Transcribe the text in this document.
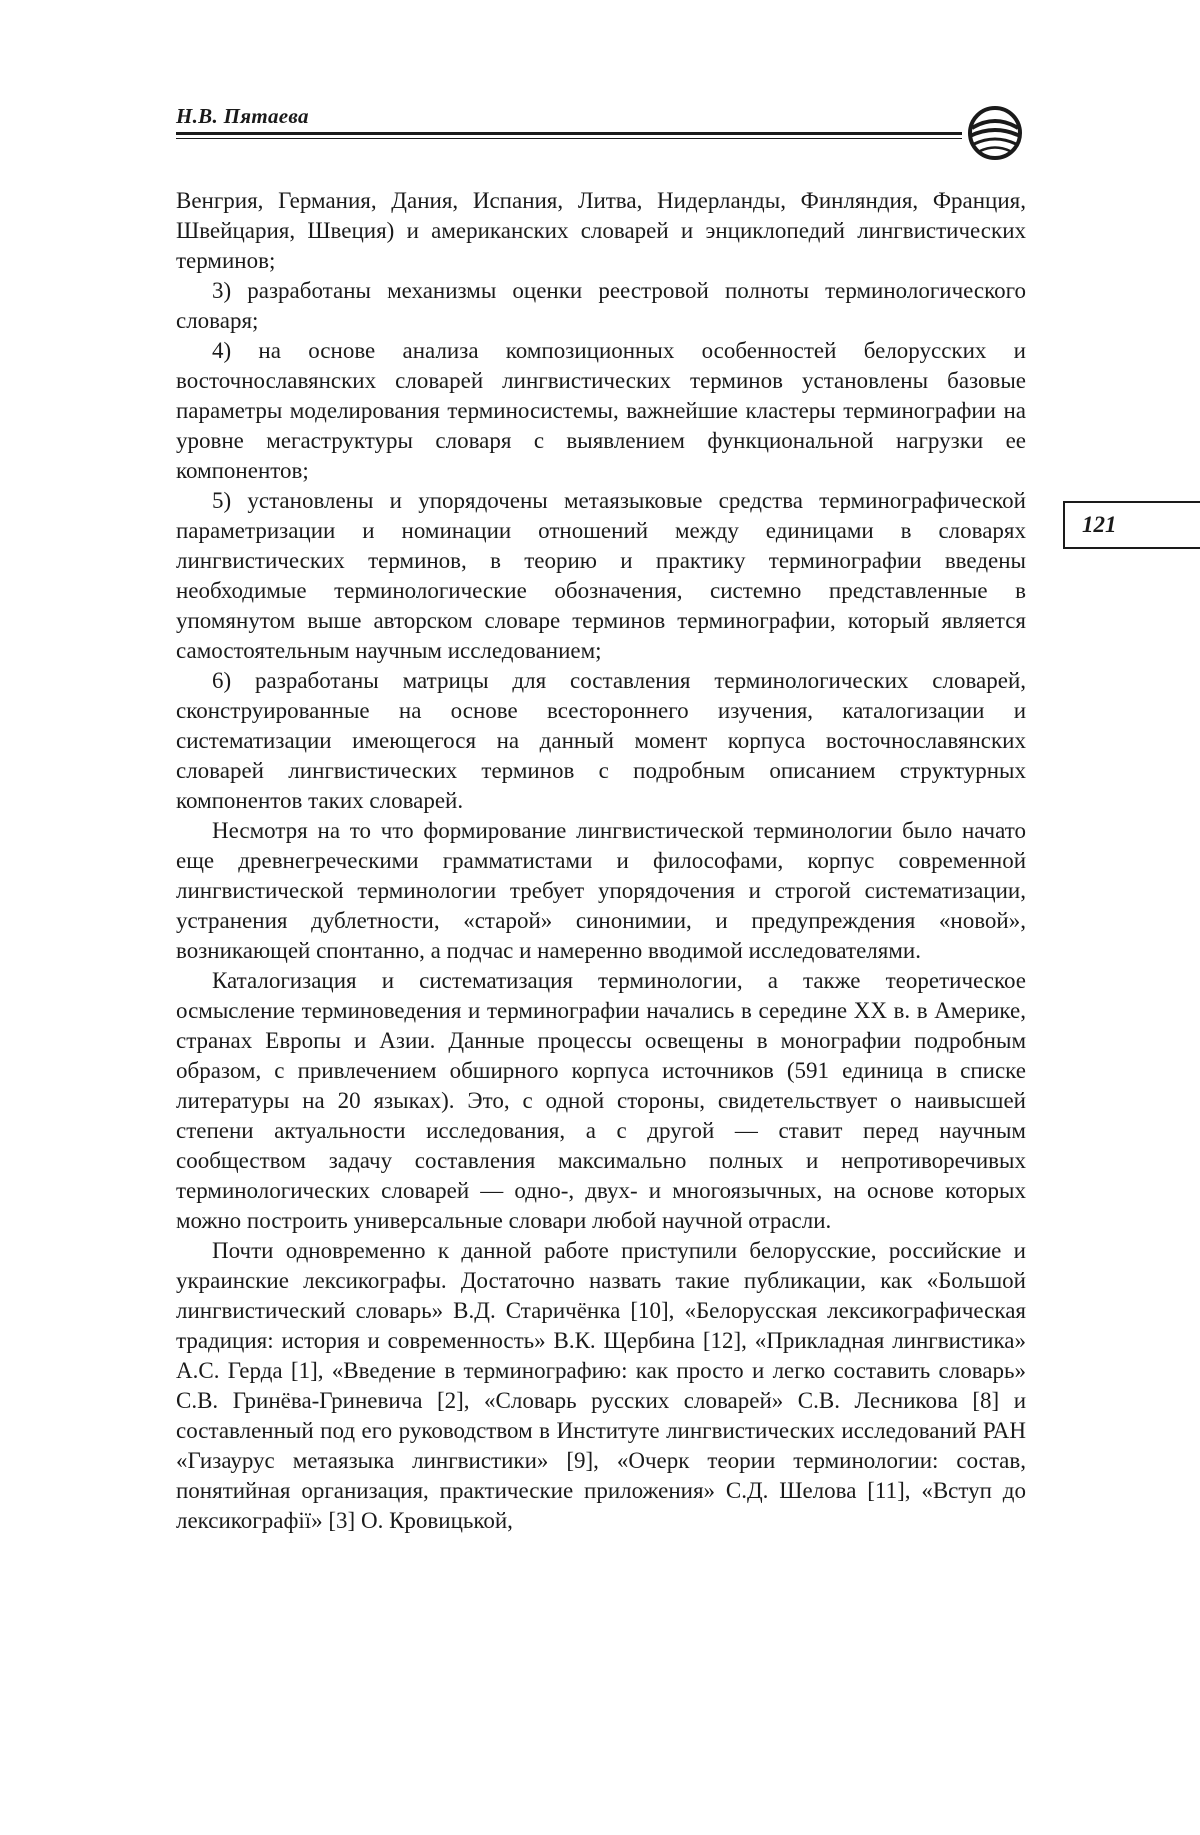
Н.В. Пятаева
121

Венгрия, Германия, Дания, Испания, Литва, Нидерланды, Финляндия, Франция, Швейцария, Швеция) и американских словарей и энциклопедий лингвистических терминов;

3) разработаны механизмы оценки реестровой полноты терминологического словаря;

4) на основе анализа композиционных особенностей белорусских и восточнославянских словарей лингвистических терминов установлены базовые параметры моделирования терминосистемы, важнейшие кластеры терминографии на уровне мегаструктуры словаря с выявлением функциональной нагрузки ее компонентов;

5) установлены и упорядочены метаязыковые средства терминографической параметризации и номинации отношений между единицами в словарях лингвистических терминов, в теорию и практику терминографии введены необходимые терминологические обозначения, системно представленные в упомянутом выше авторском словаре терминов терминографии, который является самостоятельным научным исследованием;

6) разработаны матрицы для составления терминологических словарей, сконструированные на основе всестороннего изучения, каталогизации и систематизации имеющегося на данный момент корпуса восточнославянских словарей лингвистических терминов с подробным описанием структурных компонентов таких словарей.

Несмотря на то что формирование лингвистической терминологии было начато еще древнегреческими грамматистами и философами, корпус современной лингвистической терминологии требует упорядочения и строгой систематизации, устранения дублетности, «старой» синонимии, и предупреждения «новой», возникающей спонтанно, а подчас и намеренно вводимой исследователями.

Каталогизация и систематизация терминологии, а также теоретическое осмысление терминоведения и терминографии начались в середине XX в. в Америке, странах Европы и Азии. Данные процессы освещены в монографии подробным образом, с привлечением обширного корпуса источников (591 единица в списке литературы на 20 языках). Это, с одной стороны, свидетельствует о наивысшей степени актуальности исследования, а с другой — ставит перед научным сообществом задачу составления максимально полных и непротиворечивых терминологических словарей — одно-, двух- и многоязычных, на основе которых можно построить универсальные словари любой научной отрасли.

Почти одновременно к данной работе приступили белорусские, российские и украинские лексикографы. Достаточно назвать такие публикации, как «Большой лингвистический словарь» В.Д. Старичёнка [10], «Белорусская лексикографическая традиция: история и современность» В.К. Щербина [12], «Прикладная лингвистика» А.С. Герда [1], «Введение в терминографию: как просто и легко составить словарь» С.В. Гринёва-Гриневича [2], «Словарь русских словарей» С.В. Лесникова [8] и составленный под его руководством в Институте лингвистических исследований РАН «Гизаурус метаязыка лингвистики» [9], «Очерк теории терминологии: состав, понятийная организация, практические приложения» С.Д. Шелова [11], «Вступ до лексикографії» [3] О. Кровицькой,
